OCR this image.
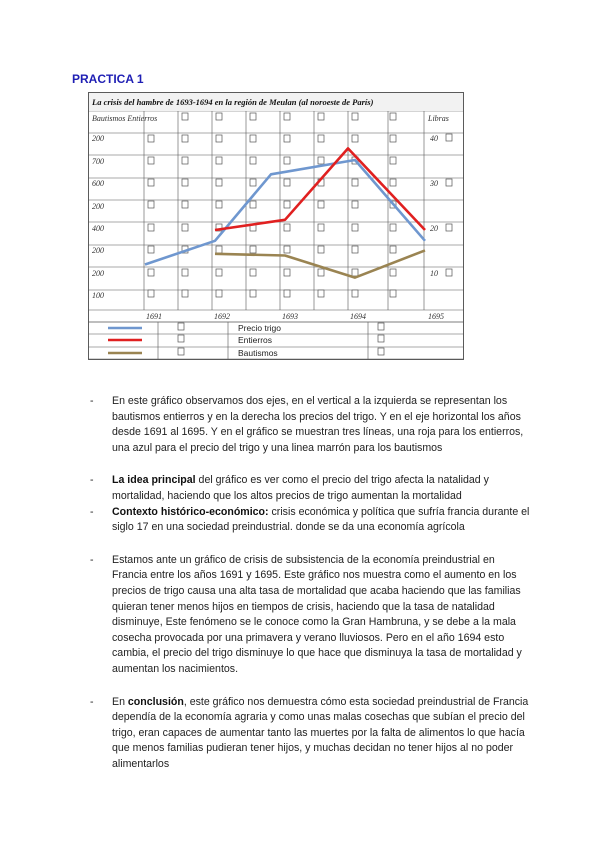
PRACTICA 1
La crisis del hambre de 1693-1694 en la región de Meulan (al noroeste de París)
Bautismos Entierros	Libras
200
700
600
200
400
200
200
100
40
30
20
10
1691	1692	1693	1694	1695
Precio trigo
Entierros
Bautismos
- En este gráfico observamos dos ejes, en el vertical a la izquierda se representan los bautismos entierros y en la derecha los precios del trigo. Y en el eje horizontal los años desde 1691 al 1695. Y en el gráfico se muestran tres líneas, una roja para los entierros, una azul para el precio del trigo y una linea marrón para los bautismos
- La idea principal del gráfico es ver como el precio del trigo afecta la natalidad y mortalidad, haciendo que los altos precios de trigo aumentan la mortalidad
- Contexto histórico-económico: crisis económica y política que sufría francia durante el siglo 17 en una sociedad preindustrial. donde se da una economía agrícola
- Estamos ante un gráfico de crisis de subsistencia de la economía preindustrial en Francia entre los años 1691 y 1695. Este gráfico nos muestra como el aumento en los precios de trigo causa una alta tasa de mortalidad que acaba haciendo que las familias quieran tener menos hijos en tiempos de crisis, haciendo que la tasa de natalidad disminuye, Este fenómeno se le conoce como la Gran Hambruna, y se debe a la mala cosecha provocada por una primavera y verano lluviosos. Pero en el año 1694 esto cambia, el precio del trigo disminuye lo que hace que disminuya la tasa de mortalidad y aumentan los nacimientos.
- En conclusión, este gráfico nos demuestra cómo esta sociedad preindustrial de Francia dependía de la economía agraria y como unas malas cosechas que subían el precio del trigo, eran capaces de aumentar tanto las muertes por la falta de alimentos lo que hacía que menos familias pudieran tener hijos, y muchas decidan no tener hijos al no poder alimentarlos
